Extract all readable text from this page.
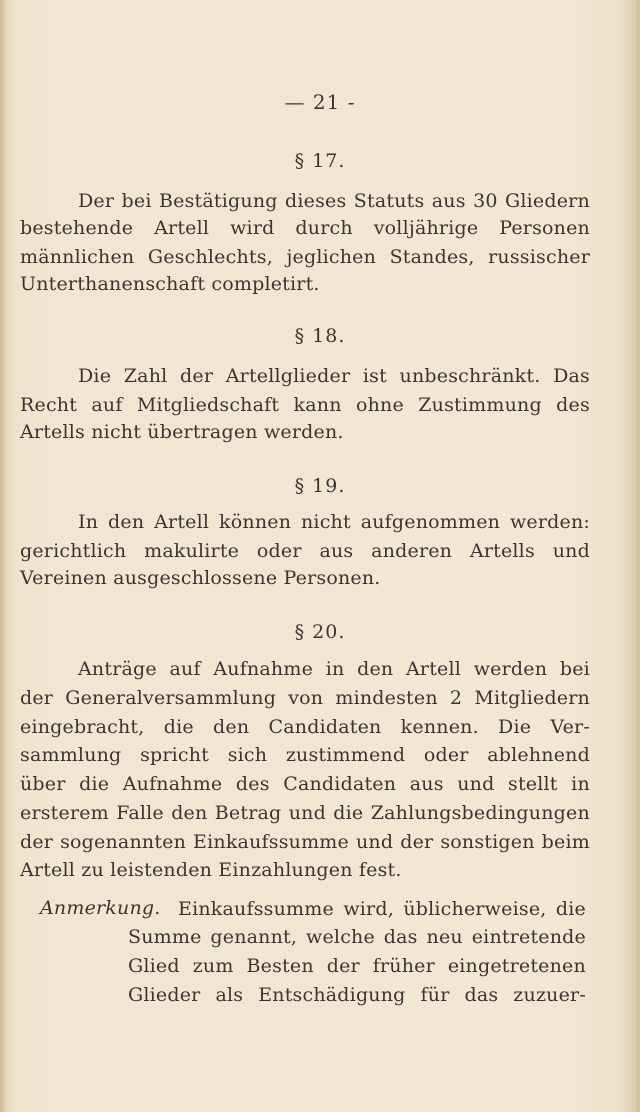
— 21 -
§ 17.
Der bei Bestätigung dieses Statuts aus 30 Gliedern
bestehende Artell wird durch volljährige Personen
männlichen Geschlechts, jeglichen Standes, russischer
Unterthanenschaft completirt.
§ 18.
Die Zahl der Artellglieder ist unbeschränkt. Das
Recht auf Mitgliedschaft kann ohne Zustimmung des
Artells nicht übertragen werden.
§ 19.
In den Artell können nicht aufgenommen werden:
gerichtlich makulirte oder aus anderen Artells und
Vereinen ausgeschlossene Personen.
§ 20.
Anträge auf Aufnahme in den Artell werden bei
der Generalversammlung von mindesten 2 Mitgliedern
eingebracht, die den Candidaten kennen. Die Ver-
sammlung spricht sich zustimmend oder ablehnend
über die Aufnahme des Candidaten aus und stellt in
ersterem Falle den Betrag und die Zahlungsbedingungen
der sogenannten Einkaufssumme und der sonstigen beim
Artell zu leistenden Einzahlungen fest.
Anmerkung. Einkaufssumme wird, üblicherweise, die
Summe genannt, welche das neu eintretende
Glied zum Besten der früher eingetretenen
Glieder als Entschädigung für das zuzuer-
